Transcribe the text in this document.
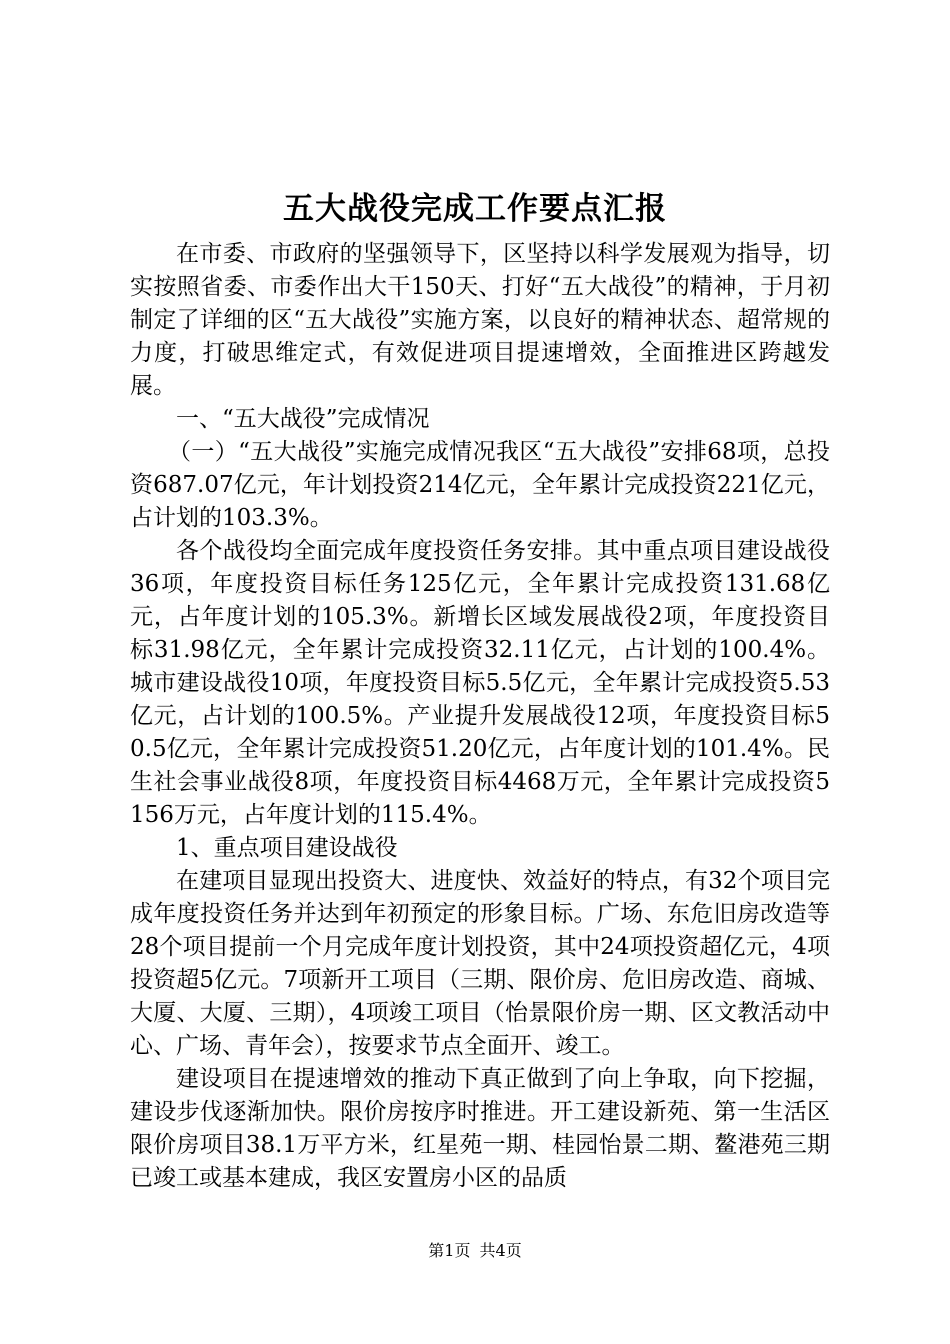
五大战役完成工作要点汇报

在市委、市政府的坚强领导下，区坚持以科学发展观为指导，切实按照省委、市委作出大干150天、打好“五大战役”的精神，于月初制定了详细的区“五大战役”实施方案，以良好的精神状态、超常规的力度，打破思维定式，有效促进项目提速增效，全面推进区跨越发展。

一、“五大战役”完成情况

（一）“五大战役”实施完成情况我区“五大战役”安排68项，总投资687.07亿元，年计划投资214亿元，全年累计完成投资221亿元，占计划的103.3%。

各个战役均全面完成年度投资任务安排。其中重点项目建设战役36项，年度投资目标任务125亿元，全年累计完成投资131.68亿元，占年度计划的105.3%。新增长区域发展战役2项，年度投资目标31.98亿元，全年累计完成投资32.11亿元，占计划的100.4%。城市建设战役10项，年度投资目标5.5亿元，全年累计完成投资5.53亿元，占计划的100.5%。产业提升发展战役12项，年度投资目标50.5亿元，全年累计完成投资51.20亿元，占年度计划的101.4%。民生社会事业战役8项，年度投资目标4468万元，全年累计完成投资5156万元，占年度计划的115.4%。

1、重点项目建设战役

在建项目显现出投资大、进度快、效益好的特点，有32个项目完成年度投资任务并达到年初预定的形象目标。广场、东危旧房改造等28个项目提前一个月完成年度计划投资，其中24项投资超亿元，4项投资超5亿元。7项新开工项目（三期、限价房、危旧房改造、商城、大厦、大厦、三期），4项竣工项目（怡景限价房一期、区文教活动中心、广场、青年会），按要求节点全面开、竣工。

建设项目在提速增效的推动下真正做到了向上争取，向下挖掘，建设步伐逐渐加快。限价房按序时推进。开工建设新苑、第一生活区限价房项目38.1万平方米，红星苑一期、桂园怡景二期、鳌港苑三期已竣工或基本建成，我区安置房小区的品质

第1页 共4页
